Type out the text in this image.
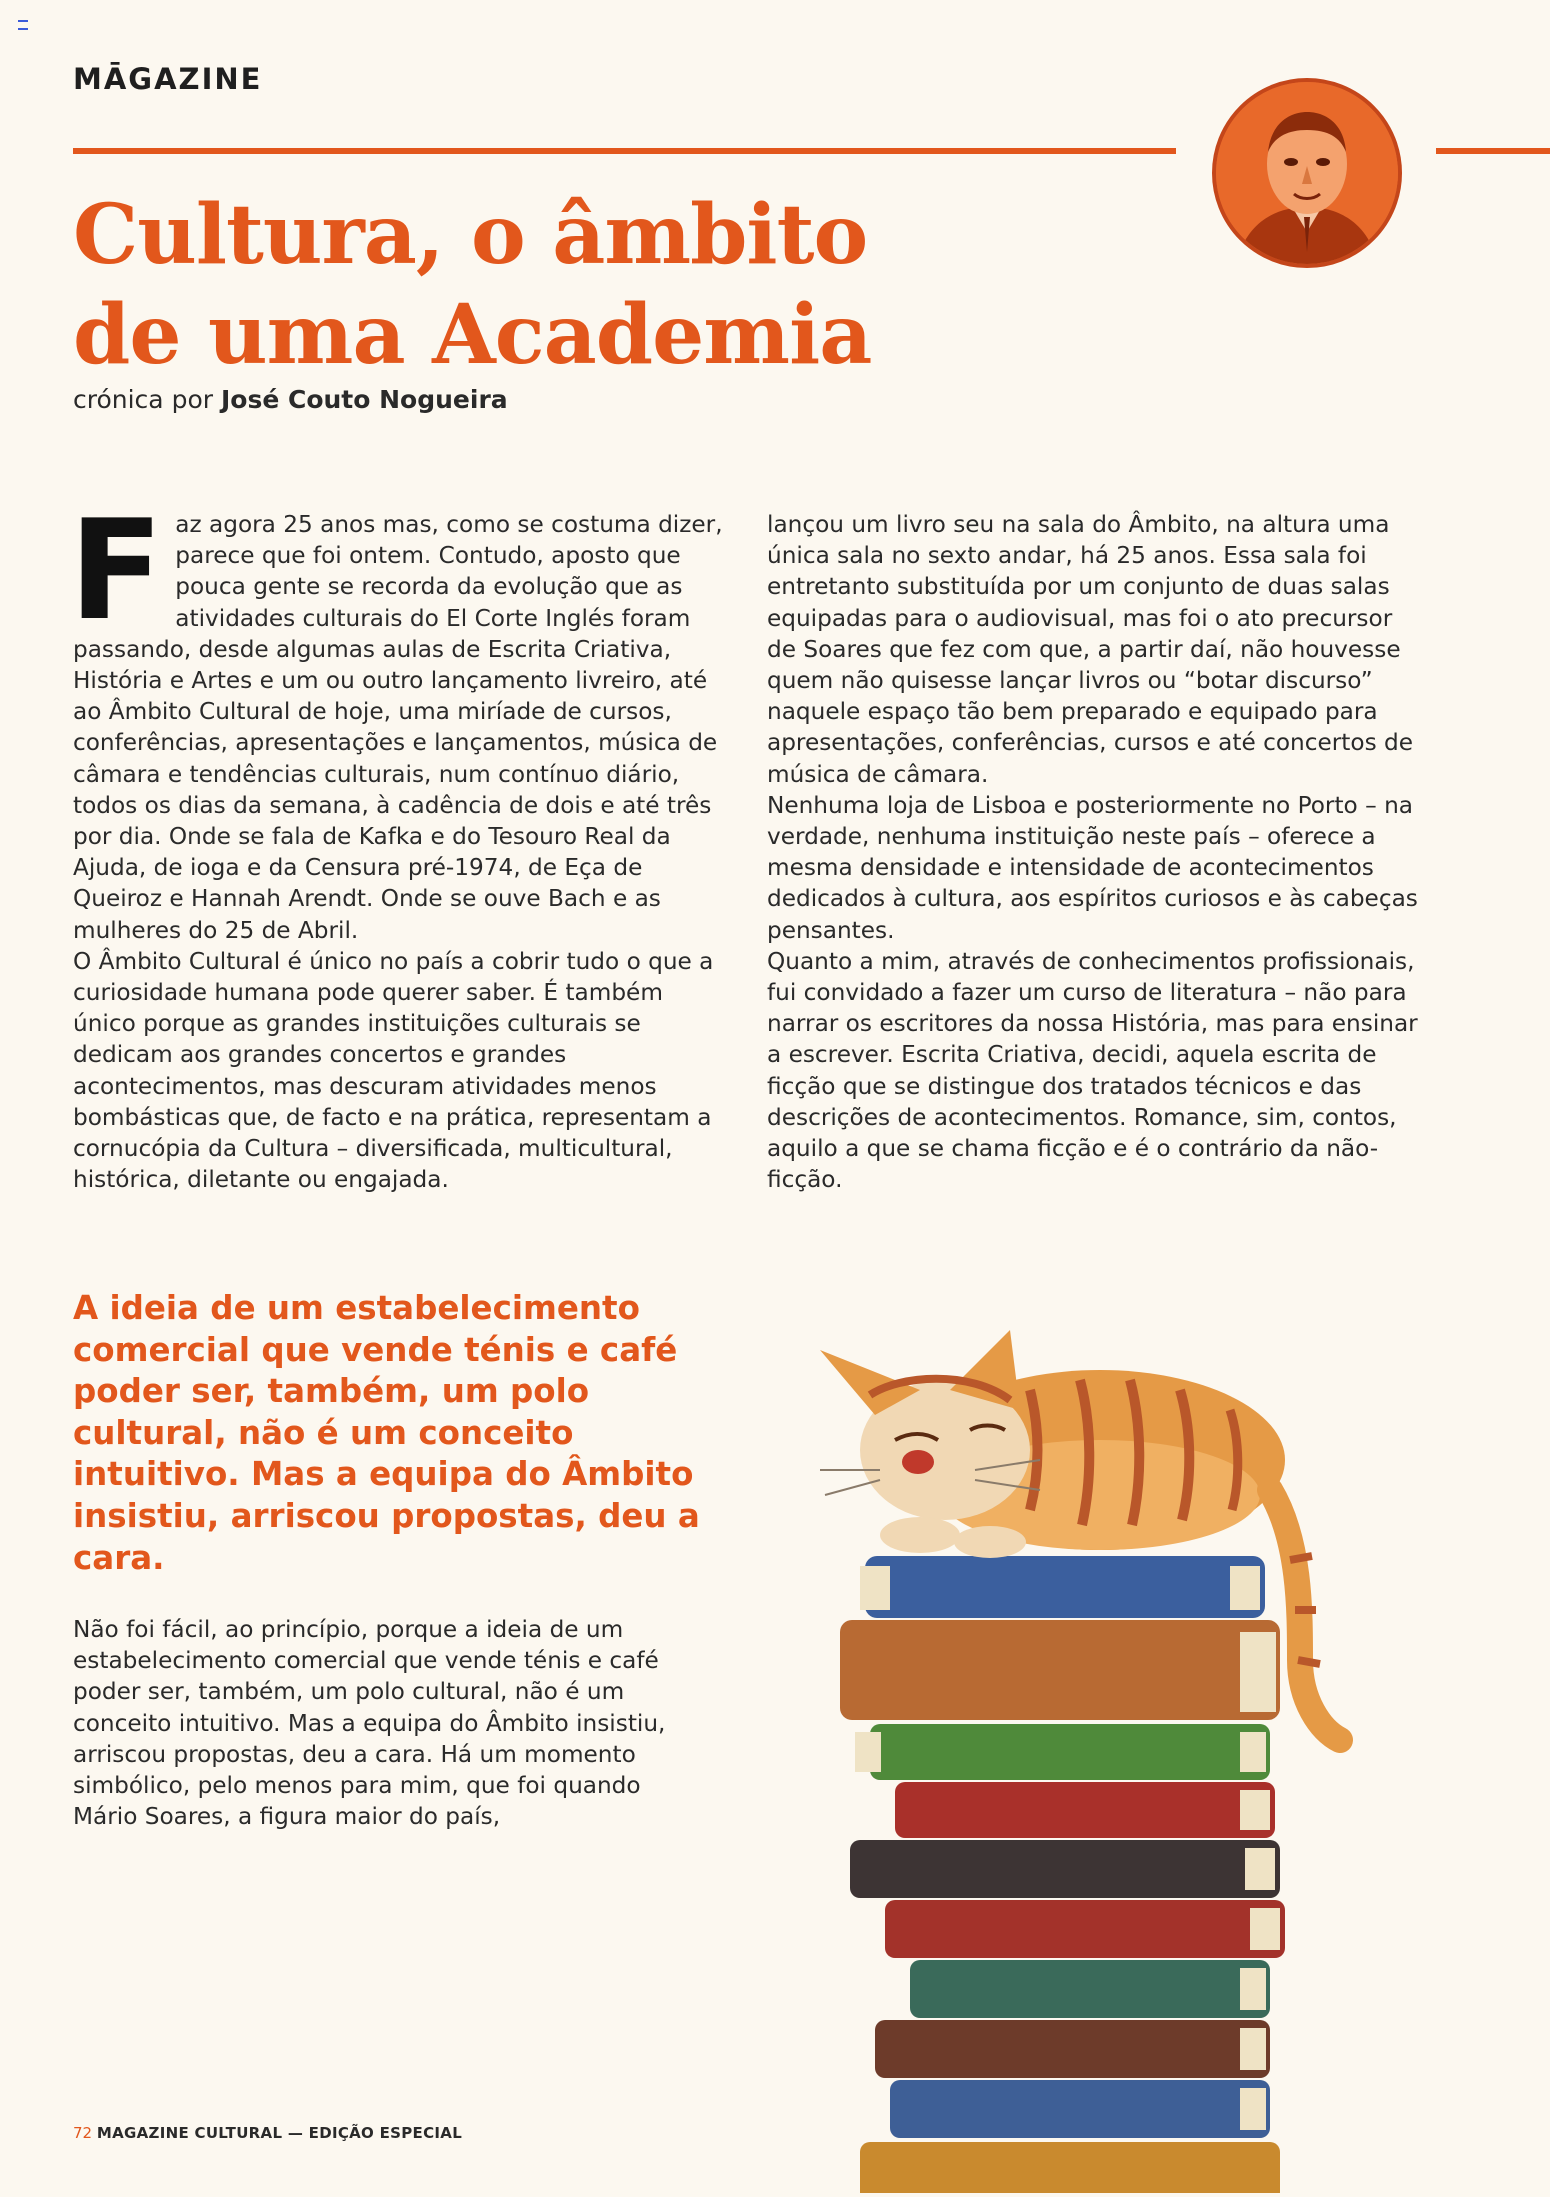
MĀGAZINE
Cultura, o âmbito
de uma Academia
crónica por José Couto Nogueira

Faz agora 25 anos mas, como se costuma dizer, parece que foi ontem. Contudo, aposto que pouca gente se recorda da evolução que as atividades culturais do El Corte Inglés foram passando, desde algumas aulas de Escrita Criativa, História e Artes e um ou outro lançamento livreiro, até ao Âmbito Cultural de hoje, uma miríade de cursos, conferências, apresentações e lançamentos, música de câmara e tendências culturais, num contínuo diário, todos os dias da semana, à cadência de dois e até três por dia. Onde se fala de Kafka e do Tesouro Real da Ajuda, de ioga e da Censura pré-1974, de Eça de Queiroz e Hannah Arendt. Onde se ouve Bach e as mulheres do 25 de Abril.

O Âmbito Cultural é único no país a cobrir tudo o que a curiosidade humana pode querer saber. É também único porque as grandes instituições culturais se dedicam aos grandes concertos e grandes acontecimentos, mas descuram atividades menos bombásticas que, de facto e na prática, representam a cornucópia da Cultura – diversificada, multicultural, histórica, diletante ou engajada.

A ideia de um estabelecimento comercial que vende ténis e café poder ser, também, um polo cultural, não é um conceito intuitivo. Mas a equipa do Âmbito insistiu, arriscou propostas, deu a cara.

Não foi fácil, ao princípio, porque a ideia de um estabelecimento comercial que vende ténis e café poder ser, também, um polo cultural, não é um conceito intuitivo. Mas a equipa do Âmbito insistiu, arriscou propostas, deu a cara. Há um momento simbólico, pelo menos para mim, que foi quando Mário Soares, a figura maior do país,

lançou um livro seu na sala do Âmbito, na altura uma única sala no sexto andar, há 25 anos. Essa sala foi entretanto substituída por um conjunto de duas salas equipadas para o audiovisual, mas foi o ato precursor de Soares que fez com que, a partir daí, não houvesse quem não quisesse lançar livros ou “botar discurso” naquele espaço tão bem preparado e equipado para apresentações, conferências, cursos e até concertos de música de câmara.

Nenhuma loja de Lisboa e posteriormente no Porto – na verdade, nenhuma instituição neste país – oferece a mesma densidade e intensidade de acontecimentos dedicados à cultura, aos espíritos curiosos e às cabeças pensantes.

Quanto a mim, através de conhecimentos profissionais, fui convidado a fazer um curso de literatura – não para narrar os escritores da nossa História, mas para ensinar a escrever. Escrita Criativa, decidi, aquela escrita de ficção que se distingue dos tratados técnicos e das descrições de acontecimentos. Romance, sim, contos, aquilo a que se chama ficção e é o contrário da não-ficção.

72 MAGAZINE CULTURAL — EDIÇÃO ESPECIAL
